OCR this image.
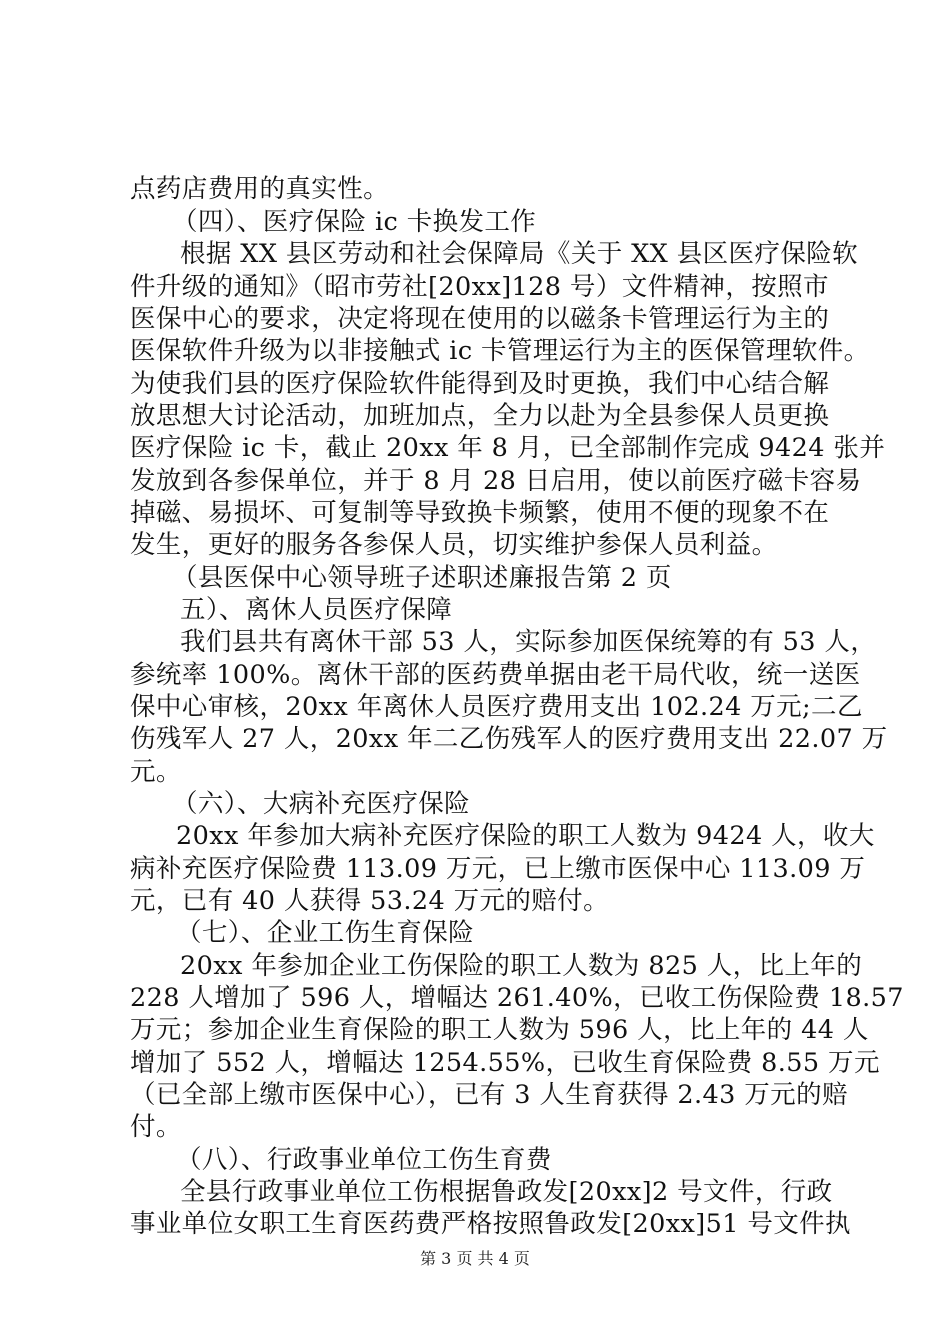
点药店费用的真实性。
（四）、医疗保险 ic 卡换发工作
根据 XX 县区劳动和社会保障局《关于 XX 县区医疗保险软
件升级的通知》（昭市劳社[20xx]128 号）文件精神，按照市
医保中心的要求，决定将现在使用的以磁条卡管理运行为主的
医保软件升级为以非接触式 ic 卡管理运行为主的医保管理软件。
为使我们县的医疗保险软件能得到及时更换，我们中心结合解
放思想大讨论活动，加班加点，全力以赴为全县参保人员更换
医疗保险 ic 卡，截止 20xx 年 8 月，已全部制作完成 9424 张并
发放到各参保单位，并于 8 月 28 日启用，使以前医疗磁卡容易
掉磁、易损坏、可复制等导致换卡频繁，使用不便的现象不在
发生，更好的服务各参保人员，切实维护参保人员利益。
（县医保中心领导班子述职述廉报告第 2 页
五）、离休人员医疗保障
我们县共有离休干部 53 人，实际参加医保统筹的有 53 人，
参统率 100%。离休干部的医药费单据由老干局代收，统一送医
保中心审核，20xx 年离休人员医疗费用支出 102.24 万元;二乙
伤残军人 27 人，20xx 年二乙伤残军人的医疗费用支出 22.07 万
元。
（六）、大病补充医疗保险
20xx 年参加大病补充医疗保险的职工人数为 9424 人，收大
病补充医疗保险费 113.09 万元，已上缴市医保中心 113.09 万
元，已有 40 人获得 53.24 万元的赔付。
（七）、企业工伤生育保险
20xx 年参加企业工伤保险的职工人数为 825 人，比上年的
228 人增加了 596 人，增幅达 261.40%，已收工伤保险费 18.57
万元；参加企业生育保险的职工人数为 596 人，比上年的 44 人
增加了 552 人，增幅达 1254.55%，已收生育保险费 8.55 万元
（已全部上缴市医保中心），已有 3 人生育获得 2.43 万元的赔
付。
（八）、行政事业单位工伤生育费
全县行政事业单位工伤根据鲁政发[20xx]2 号文件，行政
事业单位女职工生育医药费严格按照鲁政发[20xx]51 号文件执
第 3 页 共 4 页
